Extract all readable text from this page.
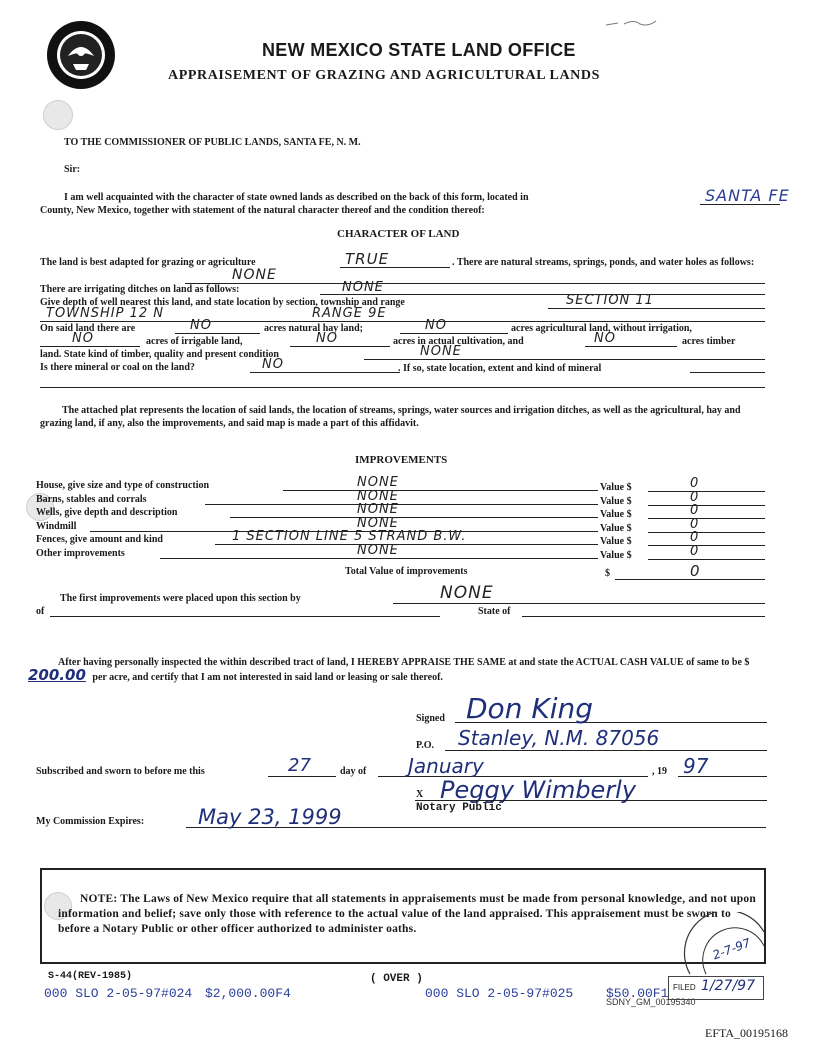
NEW MEXICO STATE LAND OFFICE
APPRAISEMENT OF GRAZING AND AGRICULTURAL LANDS
TO THE COMMISSIONER OF PUBLIC LANDS, SANTA FE, N. M.
Sir:
I am well acquainted with the character of state owned lands as described on the back of this form, located in	SANTA FE
County, New Mexico, together with statement of the natural character thereof and the condition thereof:
CHARACTER OF LAND
The land is best adapted for grazing or agriculture	TRUE	. There are natural streams, springs, ponds, and water holes as follows:
NONE
There are irrigating ditches on land as follows:	NONE
Give depth of well nearest this land, and state location by section, township and range	SECTION 11
TOWNSHIP 12 N	RANGE 9E
On said land there are	NO	acres natural hay land;	NO	acres agricultural land, without irrigation,
NO	acres of irrigable land,	NO	acres in actual cultivation, and	NO	acres timber
land. State kind of timber, quality and present condition	NONE
Is there mineral or coal on the land?	NO	. If so, state location, extent and kind of mineral
The attached plat represents the location of said lands, the location of streams, springs, water sources and irrigation ditches, as well as the agricultural, hay and grazing land, if any, also the improvements, and said map is made a part of this affidavit.
IMPROVEMENTS
House, give size and type of construction	NONE	Value $	0
Barns, stables and corrals	NONE	Value $	0
Wells, give depth and description	NONE	Value $	0
Windmill	NONE	Value $	0
Fences, give amount and kind	1 SECTION LINE 5 STRAND B.W.	Value $	0
Other improvements	NONE	Value $	0
Total Value of improvements	$	0
The first improvements were placed upon this section by	NONE
of	State of
After having personally inspected the within described tract of land, I HEREBY APPRAISE THE SAME at and state the ACTUAL CASH VALUE of same to be $ 200.00 per acre, and certify that I am not interested in said land or leasing or sale thereof.
Signed Don King
P.O. Stanley, N.M. 87056
Subscribed and sworn to before me this	27	day of January	, 19 97
X Peggy Wimberly
Notary Public
My Commission Expires:	May 23, 1999
NOTE: The Laws of New Mexico require that all statements in appraisements must be made from personal knowledge, and not upon information and belief; save only those with reference to the actual value of the land appraised. This appraisement must be sworn to before a Notary Public or other officer authorized to administer oaths.
S-44(REV-1985)	( OVER )
000 SLO 2-05-97#024 $2,000.00F4	000 SLO 2-05-97#025	$50.00F1
SDNY_GM_00195340
FILED 1/27/97
2-7-97
EFTA_00195168
